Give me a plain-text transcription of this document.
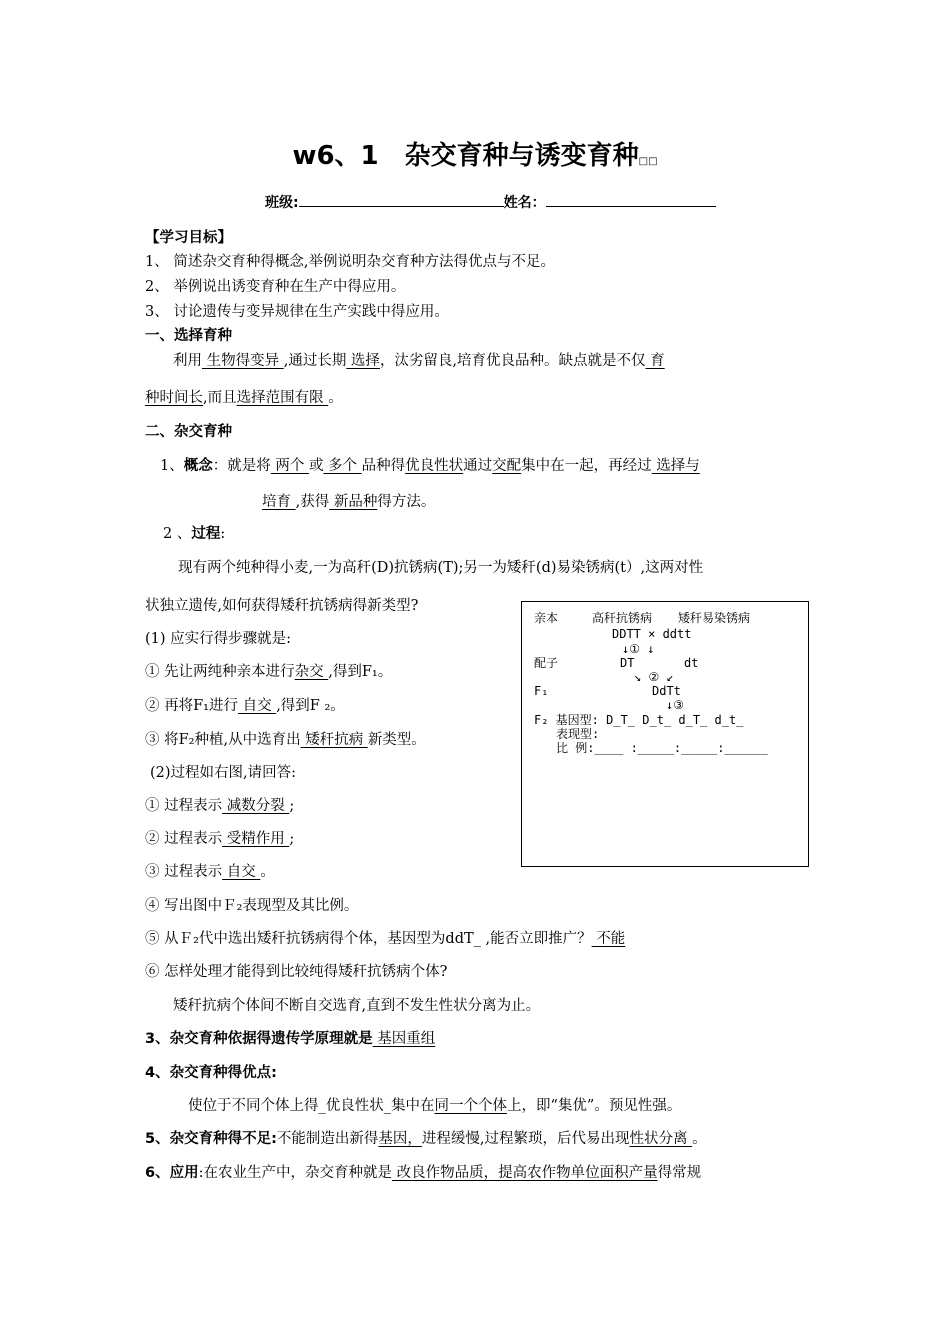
w6、1　杂交育种与诱变育种□□
班级:	姓名：
【学习目标】
1、 简述杂交育种得概念,举例说明杂交育种方法得优点与不足。
2、 举例说出诱变育种在生产中得应用。
3、 讨论遗传与变异规律在生产实践中得应用。
一、选择育种
利用 生物得变异 ,通过长期 选择，汰劣留良,培育优良品种。缺点就是不仅 育
种时间长,而且选择范围有限 。
二、杂交育种
1、概念：就是将 两个 或 多个 品种得优良性状通过交配集中在一起，再经过 选择与
培育 ,获得 新品种得方法。
2 、过程:
现有两个纯种得小麦,一为高秆(D)抗锈病(T);另一为矮秆(d)易染锈病(t）,这两对性
状独立遗传,如何获得矮秆抗锈病得新类型?
(1) 应实行得步骤就是:
① 先让两纯种亲本进行杂交 ,得到F₁。
② 再将F₁进行 自交 ,得到F ₂。
③ 将F₂种植,从中选育出 矮秆抗病 新类型。
(2)过程如右图,请回答:
① 过程表示 减数分裂 ;
② 过程表示 受精作用 ;
③ 过程表示 自交 。
④ 写出图中Ｆ₂表现型及其比例。
⑤ 从Ｆ₂代中选出矮秆抗锈病得个体，基因型为ddT_ ,能否立即推广？ 不能
⑥ 怎样处理才能得到比较纯得矮秆抗锈病个体?
矮秆抗病个体间不断自交选育,直到不发生性状分离为止。
3、杂交育种依据得遗传学原理就是 基因重组
4、杂交育种得优点:
使位于不同个体上得_优良性状_集中在同一个个体上，即“集优”。预见性强。
5、杂交育种得不足:不能制造出新得基因，进程缓慢,过程繁琐，后代易出现性状分离 。
6、应用:在农业生产中，杂交育种就是 改良作物品质，提高农作物单位面积产量得常规
亲本	高秆抗锈病 矮秆易染锈病
DDTT × ddtt
↓① ↓
配子	DT	dt
↘ ② ↙
F₁	DdTt
↓③
F₂ 基因型: D_T_ D_t_ d_T_ d_t_
表现型:
比 例:____ :_____:_____:______
